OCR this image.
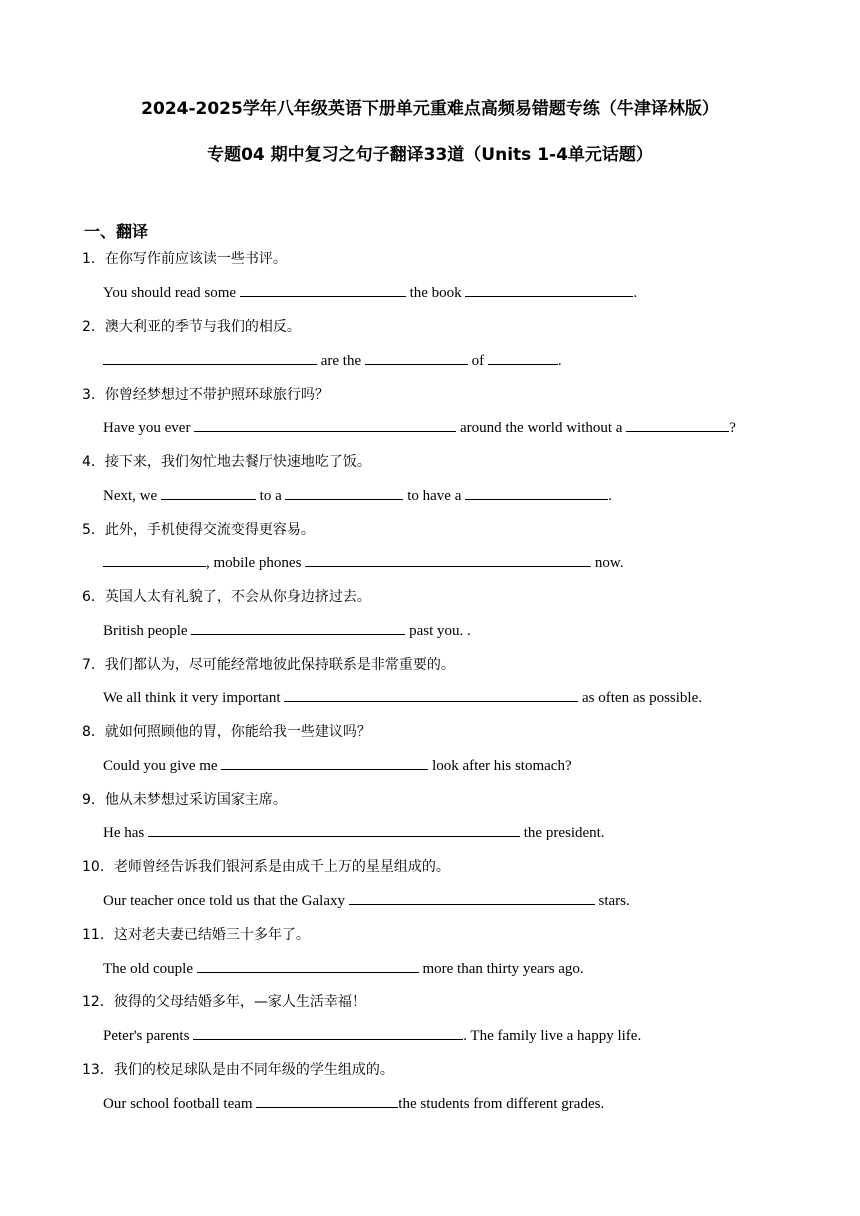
2024-2025学年八年级英语下册单元重难点高频易错题专练（牛津译林版）
专题04 期中复习之句子翻译33道（Units 1-4单元话题）
一、翻译
1．在你写作前应该读一些书评。
You should read some	the book	.
2．澳大利亚的季节与我们的相反。
are the	of	.
3．你曾经梦想过不带护照环球旅行吗？
Have you ever	around the world without a	?
4．接下来，我们匆忙地去餐厅快速地吃了饭。
Next, we	to a	to have a	.
5．此外，手机使得交流变得更容易。
, mobile phones	now.
6．英国人太有礼貌了，不会从你身边挤过去。
British people	past you. .
7．我们都认为，尽可能经常地彼此保持联系是非常重要的。
We all think it very important	as often as possible.
8．就如何照顾他的胃，你能给我一些建议吗？
Could you give me	look after his stomach?
9．他从未梦想过采访国家主席。
He has	the president.
10．老师曾经告诉我们银河系是由成千上万的星星组成的。
Our teacher once told us that the Galaxy	stars.
11．这对老夫妻已结婚三十多年了。
The old couple	more than thirty years ago.
12．彼得的父母结婚多年，—家人生活幸福！
Peter's parents	. The family live a happy life.
13．我们的校足球队是由不同年级的学生组成的。
Our school football team	the students from different grades.
